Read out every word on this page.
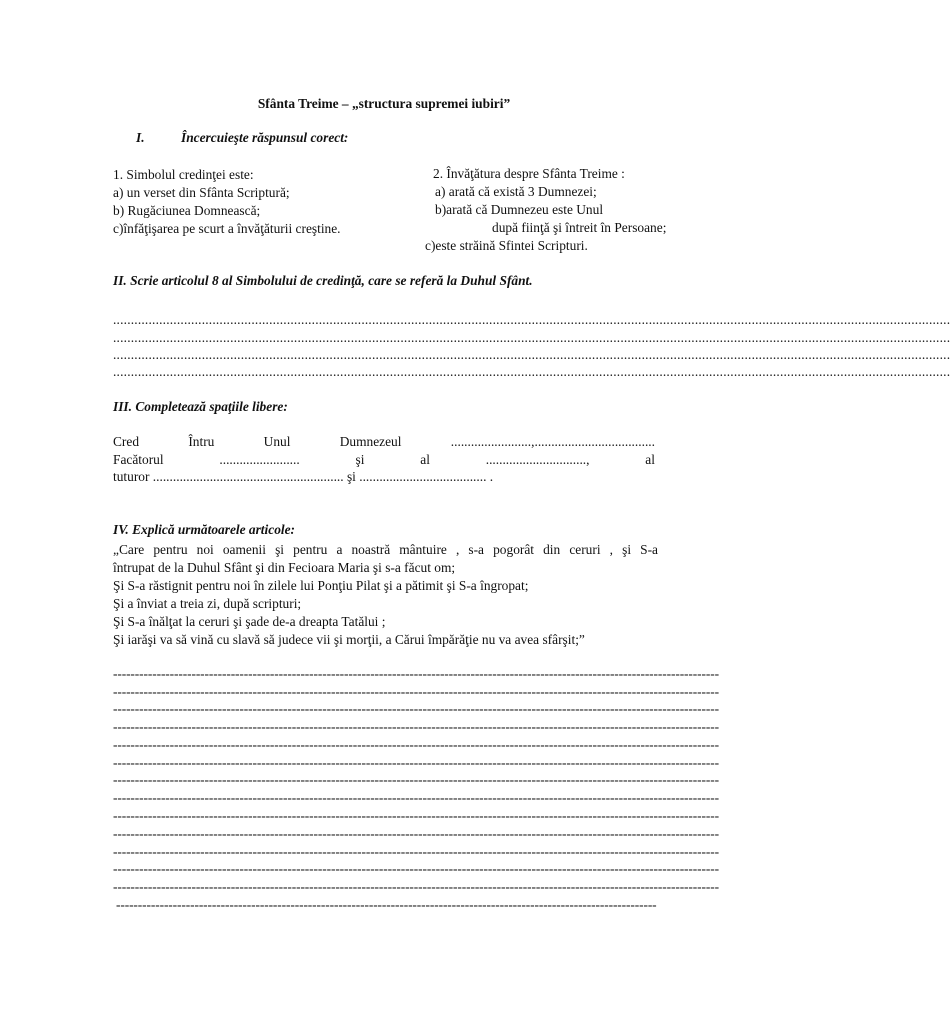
Sfânta Treime – „structura supremei iubiri”
I.	Încercuieşte răspunsul corect:
1. Simbolul credinţei este:
a) un verset din Sfânta Scriptură;
b) Rugăciunea Domnească;
c)înfăţişarea pe scurt a învăţăturii creştine.
2. Învăţătura despre Sfânta Treime :
a) arată că există 3 Dumnezei;
b)arată că Dumnezeu este Unul
după fiinţă şi întreit în Persoane;
c)este străină Sfintei Scripturi.
II. Scrie articolul 8 al Simbolului de credinţă, care se referă la Duhul Sfânt.
............................................................................................................................................................................................................................................
............................................................................................................................................................................................................................................
............................................................................................................................................................................................................................................
............................................................................................................................................................................................................................................
III. Completează spaţiile libere:
Cred	Întru	Unul	Dumnezeul	........................,....................................
Facătorul	........................	şi	al	..............................,	al
tuturor ......................................................... şi ...................................... .
IV. Explică următoarele articole:
„Care pentru noi oamenii şi pentru a noastră mântuire , s-a pogorât din ceruri , şi S-a
întrupat de la Duhul Sfânt şi din Fecioara Maria şi s-a făcut om;
Şi S-a răstignit pentru noi în zilele lui Ponţiu Pilat şi a pătimit şi S-a îngropat;
Şi a înviat a treia zi, după scripturi;
Şi S-a înălţat la ceruri şi şade de-a dreapta Tatălui ;
Şi iarăşi va să vină cu slavă să judece vii şi morţii, a Cărui împărăţie nu va avea sfârşit;”
-------------------------------------------------------------------------------------------------------------------------------------------
-------------------------------------------------------------------------------------------------------------------------------------------
-------------------------------------------------------------------------------------------------------------------------------------------
-------------------------------------------------------------------------------------------------------------------------------------------
-------------------------------------------------------------------------------------------------------------------------------------------
-------------------------------------------------------------------------------------------------------------------------------------------
-------------------------------------------------------------------------------------------------------------------------------------------
-------------------------------------------------------------------------------------------------------------------------------------------
-------------------------------------------------------------------------------------------------------------------------------------------
-------------------------------------------------------------------------------------------------------------------------------------------
-------------------------------------------------------------------------------------------------------------------------------------------
-------------------------------------------------------------------------------------------------------------------------------------------
-------------------------------------------------------------------------------------------------------------------------------------------
----------------------------------------------------------------------------------------------------------------------------
